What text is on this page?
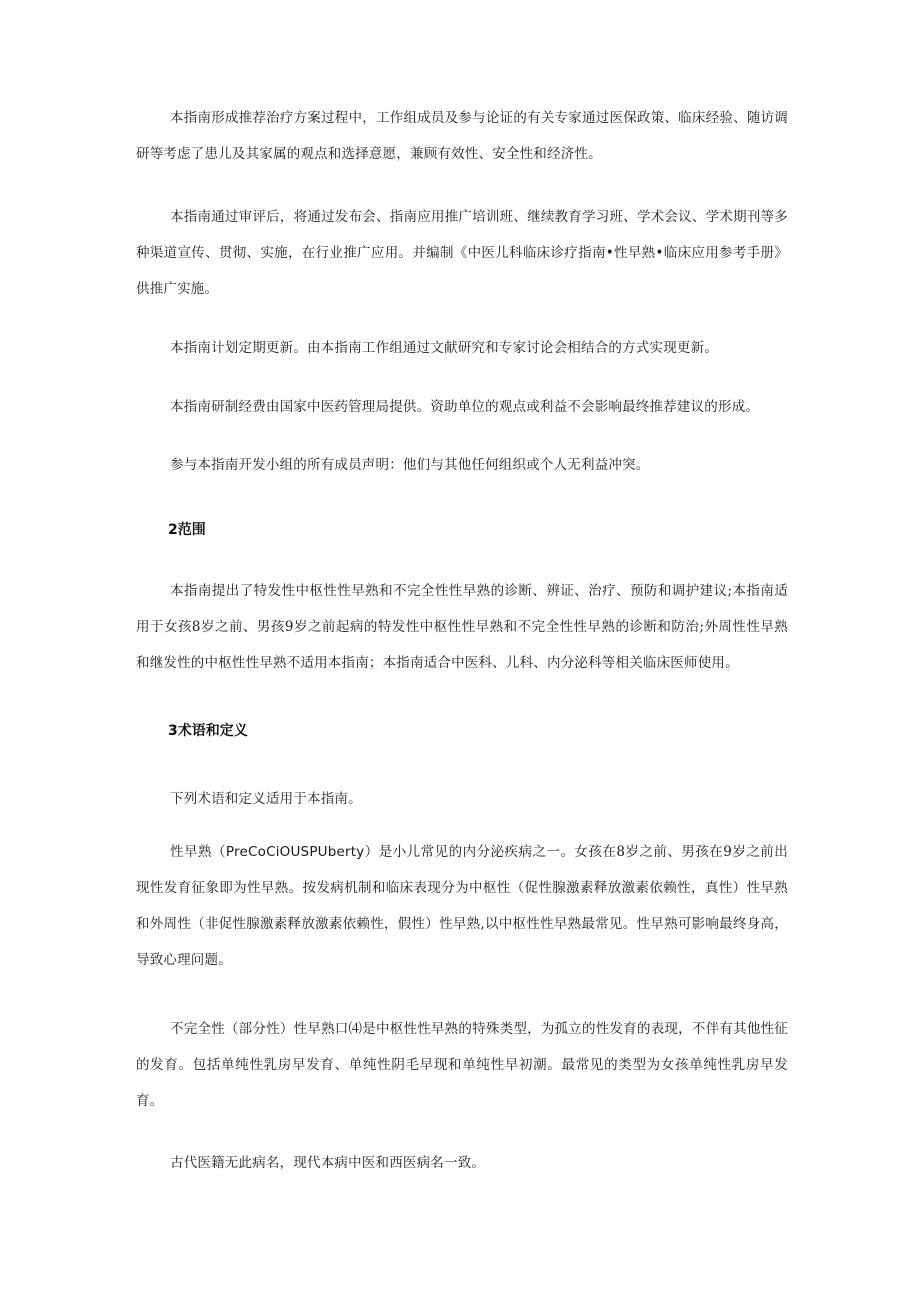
本指南形成推荐治疗方案过程中，工作组成员及参与论证的有关专家通过医保政策、临床经验、随访调研等考虑了患儿及其家属的观点和选择意愿，兼顾有效性、安全性和经济性。

本指南通过审评后，将通过发布会、指南应用推广培训班、继续教育学习班、学术会议、学术期刊等多种渠道宣传、贯彻、实施，在行业推广应用。并编制《中医儿科临床诊疗指南•性早熟•临床应用参考手册》供推广实施。

本指南计划定期更新。由本指南工作组通过文献研究和专家讨论会相结合的方式实现更新。

本指南研制经费由国家中医药管理局提供。资助单位的观点或利益不会影响最终推荐建议的形成。

参与本指南开发小组的所有成员声明：他们与其他任何组织或个人无利益冲突。

2范围

本指南提出了特发性中枢性性早熟和不完全性性早熟的诊断、辨证、治疗、预防和调护建议;本指南适用于女孩8岁之前、男孩9岁之前起病的特发性中枢性性早熟和不完全性性早熟的诊断和防治;外周性性早熟和继发性的中枢性性早熟不适用本指南；本指南适合中医科、儿科、内分泌科等相关临床医师使用。

3术语和定义

下列术语和定义适用于本指南。

性早熟（PreCoCiOUSPUberty）是小儿常见的内分泌疾病之一。女孩在8岁之前、男孩在9岁之前出现性发育征象即为性早熟。按发病机制和临床表现分为中枢性（促性腺激素释放激素依赖性，真性）性早熟和外周性（非促性腺激素释放激素依赖性，假性）性早熟,以中枢性性早熟最常见。性早熟可影响最终身高，导致心理问题。

不完全性（部分性）性早熟口⑷是中枢性性早熟的特殊类型，为孤立的性发育的表现，不伴有其他性征的发育。包括单纯性乳房早发育、单纯性阴毛早现和单纯性早初潮。最常见的类型为女孩单纯性乳房早发育。

古代医籍无此病名，现代本病中医和西医病名一致。
